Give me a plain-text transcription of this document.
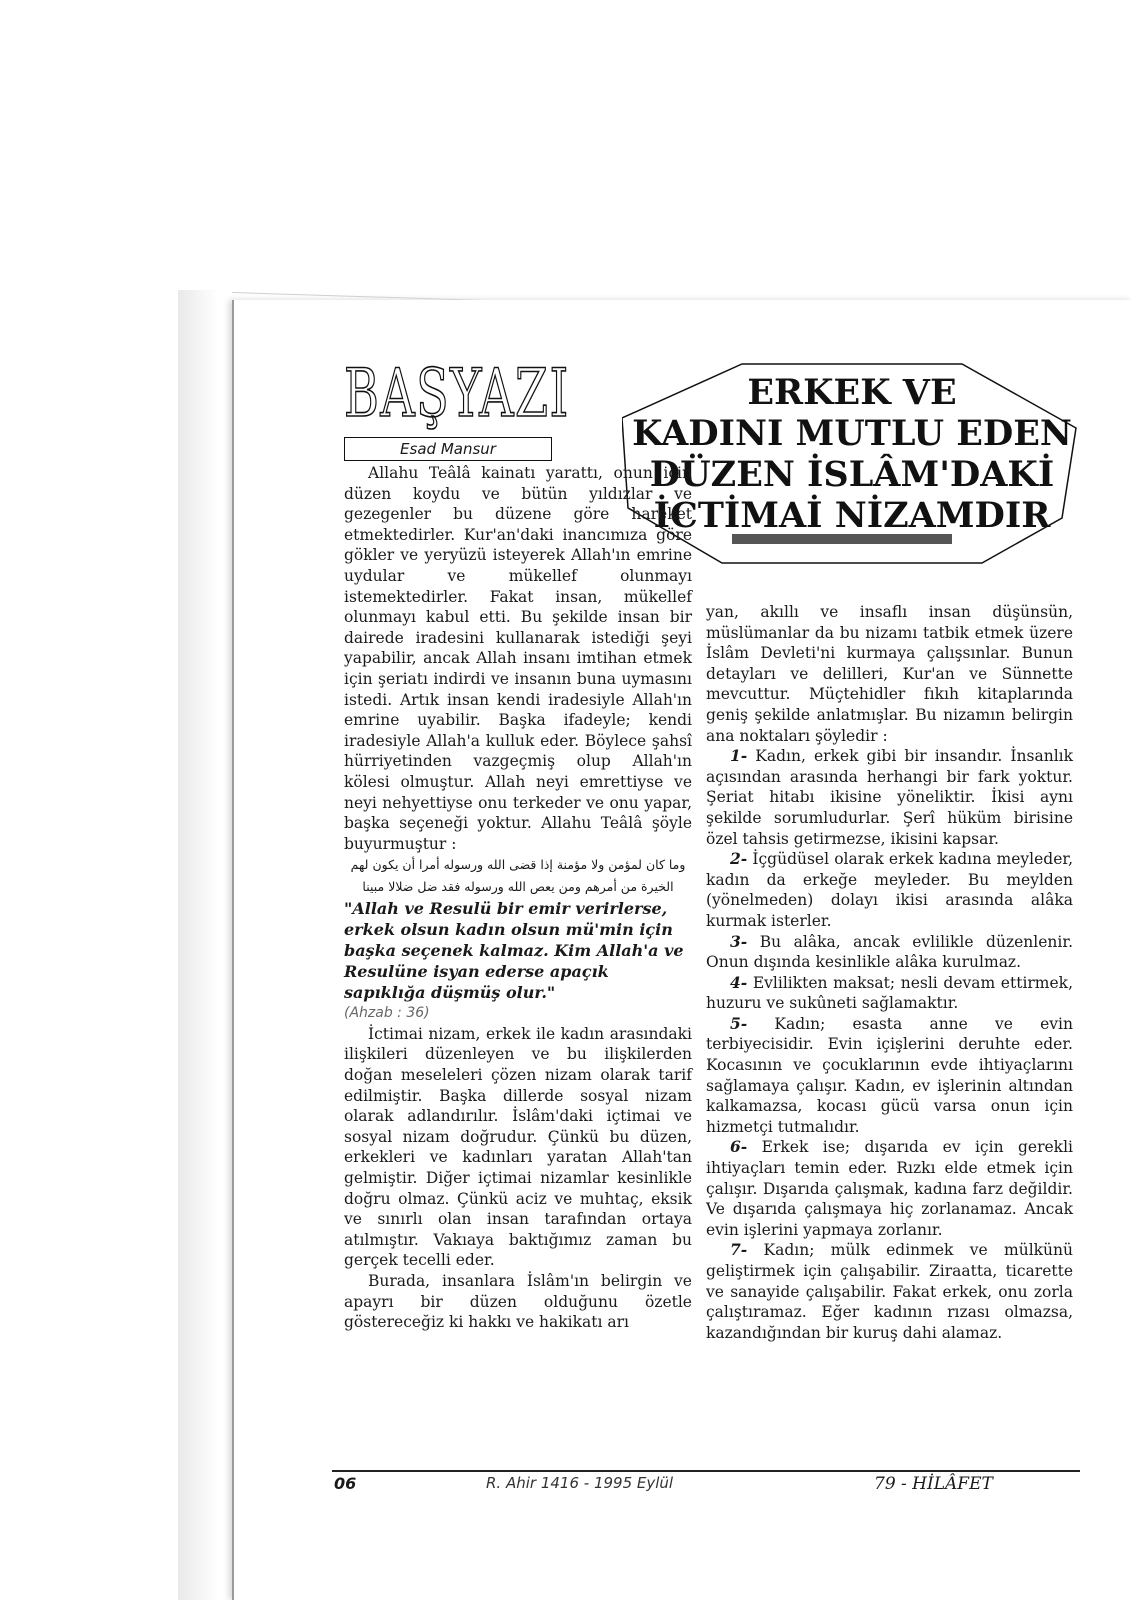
BAŞYAZI
Esad Mansur
ERKEK VE
KADINI MUTLU EDEN
DÜZEN İSLÂM'DAKİ
İCTİMAİ NİZAMDIR

Allahu Teâlâ kainatı yarattı, onun için düzen koydu ve bütün yıldızlar ve gezegenler bu düzene göre hareket etmektedirler. Kur'an'daki inancımıza göre gökler ve yeryüzü isteyerek Allah'ın emrine uydular ve mükellef olunmayı istemektedirler. Fakat insan, mükellef olunmayı kabul etti. Bu şekilde insan bir dairede iradesini kullanarak istediği şeyi yapabilir, ancak Allah insanı imtihan etmek için şeriatı indirdi ve insanın buna uymasını istedi. Artık insan kendi iradesiyle Allah'ın emrine uyabilir. Başka ifadeyle; kendi iradesiyle Allah'a kulluk eder. Böylece şahsî hürriyetinden vazgeçmiş olup Allah'ın kölesi olmuştur. Allah neyi emrettiyse ve neyi nehyettiyse onu terkeder ve onu yapar, başka seçeneği yoktur. Allahu Teâlâ şöyle buyurmuştur :

وما كان لمؤمن ولا مؤمنة إذا قضى الله ورسوله أمرا أن يكون لهم

الخيرة من أمرهم ومن يعص الله ورسوله فقد ضل ضلالا مبينا

"Allah ve Resulü bir emir verirlerse, erkek olsun kadın olsun mü'min için başka seçenek kalmaz. Kim Allah'a ve Resulüne isyan ederse apaçık sapıklığa düşmüş olur."

(Ahzab : 36)

İctimai nizam, erkek ile kadın arasındaki ilişkileri düzenleyen ve bu ilişkilerden doğan meseleleri çözen nizam olarak tarif edilmiştir. Başka dillerde sosyal nizam olarak adlandırılır. İslâm'daki içtimai ve sosyal nizam doğrudur. Çünkü bu düzen, erkekleri ve kadınları yaratan Allah'tan gelmiştir. Diğer içtimai nizamlar kesinlikle doğru olmaz. Çünkü aciz ve muhtaç, eksik ve sınırlı olan insan tarafından ortaya atılmıştır. Vakıaya baktığımız zaman bu gerçek tecelli eder.

Burada, insanlara İslâm'ın belirgin ve apayrı bir düzen olduğunu özetle göstereceğiz ki hakkı ve hakikatı arı

yan, akıllı ve insaflı insan düşünsün, müslümanlar da bu nizamı tatbik etmek üzere İslâm Devleti'ni kurmaya çalışsınlar. Bunun detayları ve delilleri, Kur'an ve Sünnette mevcuttur. Müçtehidler fıkıh kitaplarında geniş şekilde anlatmışlar. Bu nizamın belirgin ana noktaları şöyledir :

1- Kadın, erkek gibi bir insandır. İnsanlık açısından arasında herhangi bir fark yoktur. Şeriat hitabı ikisine yöneliktir. İkisi aynı şekilde sorumludurlar. Şerî hüküm birisine özel tahsis getirmezse, ikisini kapsar.

2- İçgüdüsel olarak erkek kadına meyleder, kadın da erkeğe meyleder. Bu meylden (yönelmeden) dolayı ikisi arasında alâka kurmak isterler.

3- Bu alâka, ancak evlilikle düzenlenir. Onun dışında kesinlikle alâka kurulmaz.

4- Evlilikten maksat; nesli devam ettirmek, huzuru ve sukûneti sağlamaktır.

5- Kadın; esasta anne ve evin terbiyecisidir. Evin içişlerini deruhte eder. Kocasının ve çocuklarının evde ihtiyaçlarını sağlamaya çalışır. Kadın, ev işlerinin altından kalkamazsa, kocası gücü varsa onun için hizmetçi tutmalıdır.

6- Erkek ise; dışarıda ev için gerekli ihtiyaçları temin eder. Rızkı elde etmek için çalışır. Dışarıda çalışmak, kadına farz değildir. Ve dışarıda çalışmaya hiç zorlanamaz. Ancak evin işlerini yapmaya zorlanır.

7- Kadın; mülk edinmek ve mülkünü geliştirmek için çalışabilir. Ziraatta, ticarette ve sanayide çalışabilir. Fakat erkek, onu zorla çalıştıramaz. Eğer kadının rızası olmazsa, kazandığından bir kuruş dahi alamaz.

06	R. Ahir 1416 - 1995 Eylül	79 - HİLÂFET
